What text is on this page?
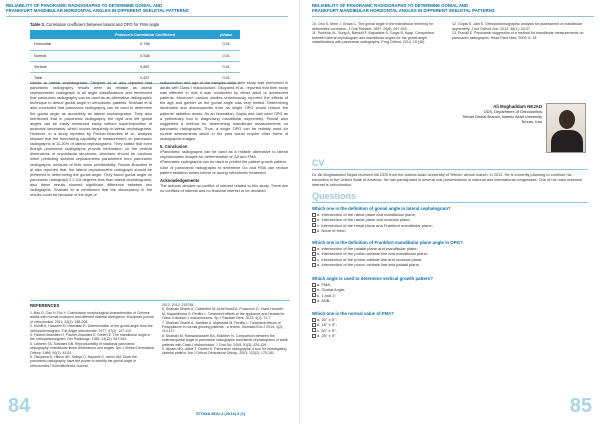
RELIABILITY OF PANORAMIC RADIOGRAPHS TO DETERMINE GONIAL AND
FRANKFURT MANDIBULAR HORIZONTAL ANGLES IN DIFFERENT SKELETAL PATTERNS
Table 3. Correlation coefficient between lateral and OPG for FMA angle
	Pearson's Correlation Coefficient	pValue
Horizontal	0.798	0.01
Normal	0.538	0.01
Vertical	0.887	0.01
Total	0.827	0.01

similar to lateral cephalograms. Okuyam et al also reported that panoramic radiography results were as reliable as lateral cephalometric radiograph in all angle classifications and mentioned that panoramic radiography can be used as an alternative radiographic technique to detect gonial angle in orthodontic patients. Shahabi et al also concluded that panoramic radiography can be used to determine the gonial angle as accurately as lateral cephalograms. They also mentioned that in panoramic radiography the right and left gonial angles can be easily measured easily without superimposition of anatomic landmarks, which occurs frequently in lateral cephalograms. However, in a study reported by Fischer-Brandies et al., analysis showed that the forecasting capability of measurement on panoramic radiographs is 11-20% of lateral cephalograms. They stated that even though panoramic radiographs provide information on the vertical dimensions of craniofacial structures, clinicians should be cautious when predicting skeletal cephalometric parameters from panoramic radiographs, because of their lower predictability. Fischer-Brandies et al also reported that, the lateral cephalometric radiograph should be preferred in determining the gonial angle. They found gonial angle on panoramic radiograph 2.2-3.6 degrees less than lateral cephalograms, also these results showed significant difference between two radiographs. Shahabi et al mentioned that the discrepancy in the results could be because of the type of

malocclusion and age of the samples while their study was performed in adults with Class I malocclusion. Okuyama et al., reported that their study was different in that it was conducted by either adult or adolescent patients. Moreover, various studies unanimously reported the effects of the age and gender on the gonial angle was very limited. Determining landmarks and discrepancies from an single OPG would reduce the patients' radiation doses. As an illustration, Gupta and Jain used OPG as a preliminary tool in diagnosing mandibular asymmetry. Putcall also suggested a method for determining mandibular measurements on panoramic radiographs. Thus, a single OPG can be reliably used for routine assessments which in the past would require other forms of radiographic images.

5. Conclusion
• Panoramic radiographs can be used as a reliable alternative to lateral cephalometric images for determination of GA and FMA.
• Panoramic radiographs can be used to predict the patient growth pattern.
• Use of panoramic radiographs to determine Go and FMA can reduce patient radiation doses before or during orthodontic treatment.
Acknowledgements

The authors declare no conflict of interest related to this study. There are no conflicts of interest and no financial interest to be declared.

REFERENCES
1. Bao D, Cao H, Rui Y. Craniofacial morphological characteristics of Chinese adults with normal occlusion and different skeletal divergence. European journal of orthodontics. 2011; 33(2): 198-204.
2. Mohiti A, Hosseini M, Hamidian E. Determination of the gonial angle from the orthopantomogram. The Angle orthodontist. 1977; 47(2): 107-110.
3. Fischer-Brandies H, Fischer-Brandies E, Dielert E. The mandibular angle in the orthopantomogram. Der Radiologe. 1984; 24(12): 547-549.
4. Larheim TA, Svanaes DB. Reproducibility of rotational panoramic radiography: mandibular linear dimensions and angles. Am J Orthod Dentofacial Orthop. 1986; 90(1): 45-51.
5. Okuyama K, Hibino AR, Sekiya O, Hayashi S, Ichino AM. Does the panoramic radiography have the power to identify the gonial angle in orthodontics? ScientificWorld Journal.
2012; 2012: 219708.
6. Shahabi Gharib A, Casterline M, Azmi Bandi A, Poulcorch G, Fazel-Hamzeh M, Kapanlimova S. Pertillo L. Treatment effects of the appliance and Headed in Class II division 1 malocclusions. Sp J Paediatr Dent. 2013; 4(1): 72-7.
7. Shahabi Gharib A, Jamilian A, Alqansala M, Pertilla L. Treatment effects of Frilappliance in normal growing patients - a review. Stomatal Edu J 2014; 1(2): 113-117.
8. Shahabi M, Ramazanzadeh BA, Mokhber N. Comparison between the external gonial angle in panoramic radiographs and lateral cephalograms of adult patients with Class I malocclusion. J Oral Sci. 2009; 51(3): 425-429.
9. Akcam MO, Altiok T, Ozdiler E. Panoramic radiographs: a tool for investigating skeletal pattern. Am J Orthod Dentofacial Orthop. 2003; 123(2): 175-181.
84	STOMA.EDU J (2014) 3 (1)
RELIABILITY OF PANORAMIC RADIOGRAPHS TO DETERMINE GONIAL AND
FRANKFURT MANDIBULAR HORIZONTAL ANGLES IN DIFFERENT SKELETAL PATTERNS
10. Ono S, Mine J, Graca C. The gonial angle in the mandibular trimming for deformities correction. J Oral Rehabil. 1997; 24(8): 597-592.
11. Punikha VL, Sung A, Bandoll F, Kajnadine S, Gogai B, Kyap. Comparison between lateral cephalogram and mandibular angles for the gonial angle classifications with panoramic radiographs. Prog Orthod. 2014, 15 (46).
12. Gupta S, Jain S. Orthopantomographic analysis for assessment of mandibular asymmetry. J Ind Orthod Soc. 2012; 46(1): 33-37.
13. Putcall E. Panoramic suggestion of a method for mandibular measurements on panoramic radiographs. Head Face Med. 2009; 5: 19.
Ali Moghaddam NEJAD
DDS, Department of Orthodontics
Tehran Dental Branch, Islamic Azad University
Tehran, Iran
CV
Dr. Ali Moghaddami Nejad received his DDS from the Islamic Azad University of Tehran, dental branch, in 2012. He is currently planning to continue his education in the United State of America. He has participated in several oral presentations in national and international congresses. One of his main research interest is orthodontics.
Questions
Which one is the definition of gonial angle in lateral cephalogram?
a. Intersection of the ramal plane and mandibular plane;
b. Intersection of the ramal plane and occlusal plane;
c. Intersection of the ramal plane and Frankfort mandibular plane;
d. None of them.
Which one is the definition of Frankfort mandibular plane angle in OPG?
a. Intersection of the palatal plane and mandibular plane;
b. Intersection of the porion-orbitale line and mandibular plane;
c. Intersection of the porion-orbitale line and occlusal plane;
d. Intersection of the porion-orbitale line and palatal plane.
Which angle is used to determine vertical growth pattern?
a. FMA;
b. Gonial Angle;
c. 1 and 2;
d. ANB.
Which one is the normal value of FMA?
a. 20° ± 5°;
b. 18° ± 5°;
c. 30° ± 5°;
d. 25° ± 5°
85
